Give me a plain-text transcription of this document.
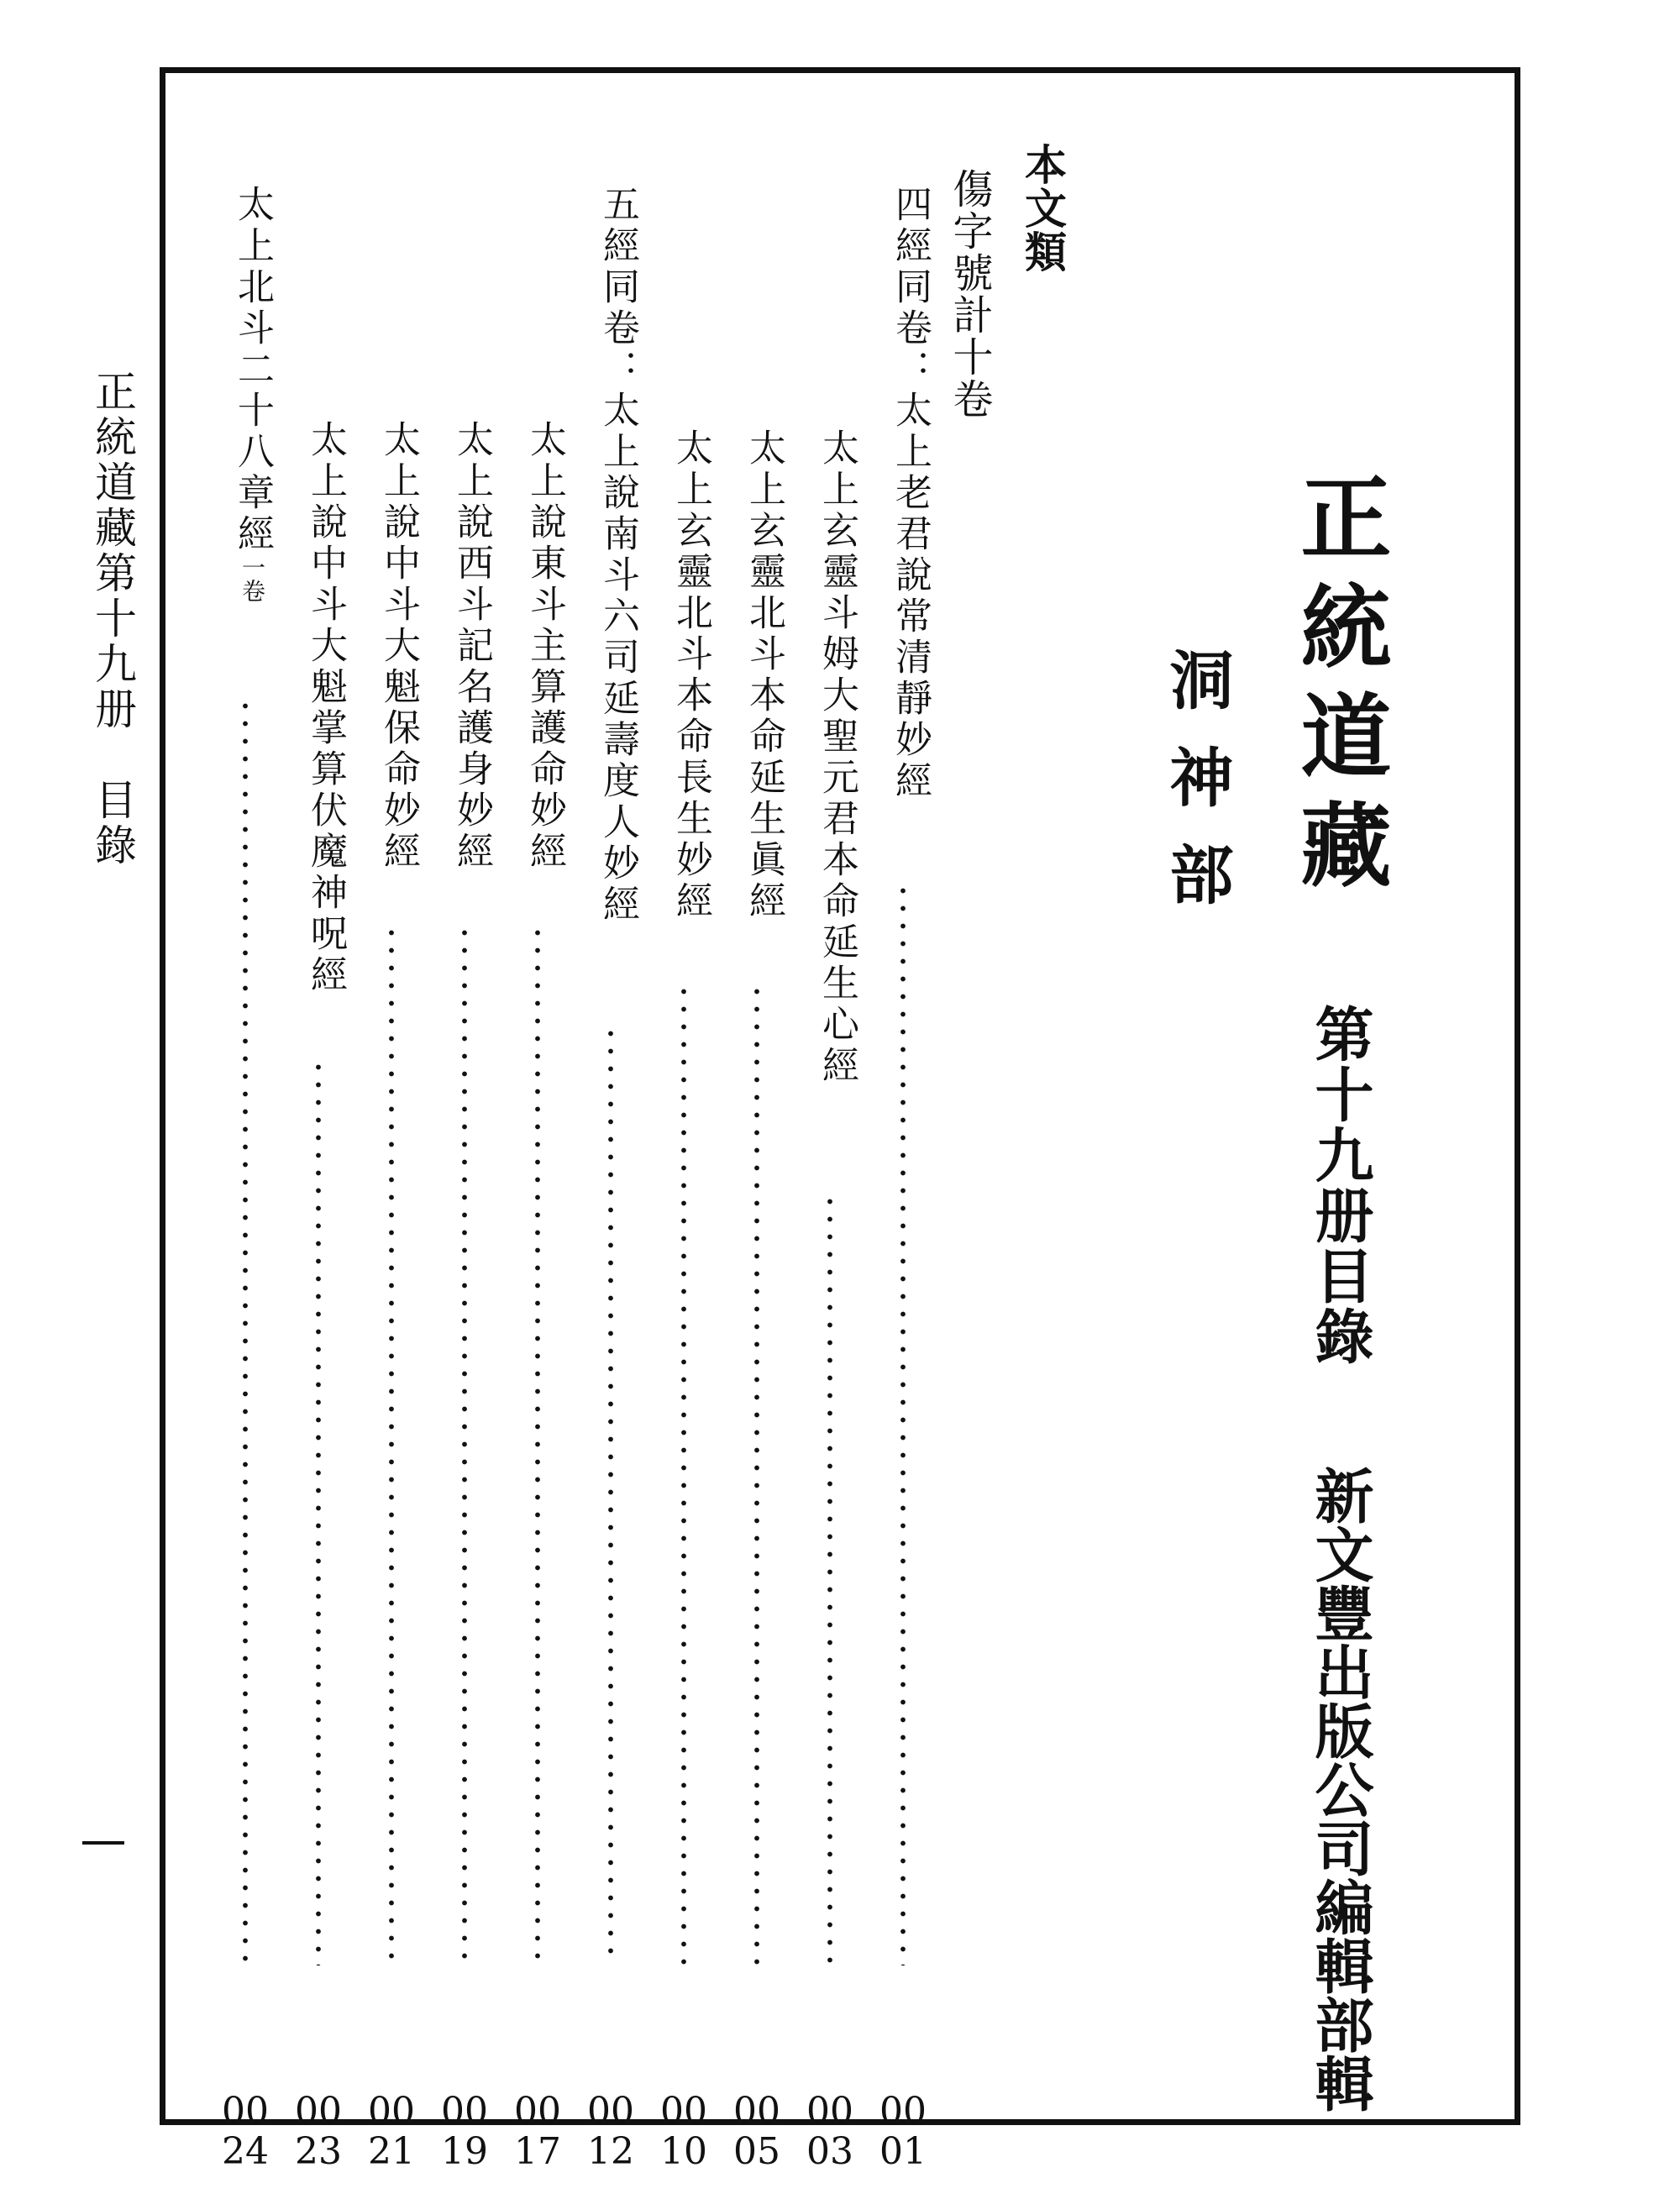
正統道藏
第十九册目錄
新文豐出版公司編輯部輯
洞神部
本文類
傷字號計十卷
四經同卷：太上老君說常清靜妙經
0001
太上玄靈斗姆大聖元君本命延生心經
0003
太上玄靈北斗本命延生眞經
0005
太上玄靈北斗本命長生妙經
0010
五經同卷：太上說南斗六司延壽度人妙經
0012
太上說東斗主算護命妙經
0017
太上說西斗記名護身妙經
0019
太上說中斗大魁保命妙經
0021
太上說中斗大魁掌算伏魔神呪經
0023
太上北斗二十八章經一卷
0024
正統道藏第十九册　目錄
